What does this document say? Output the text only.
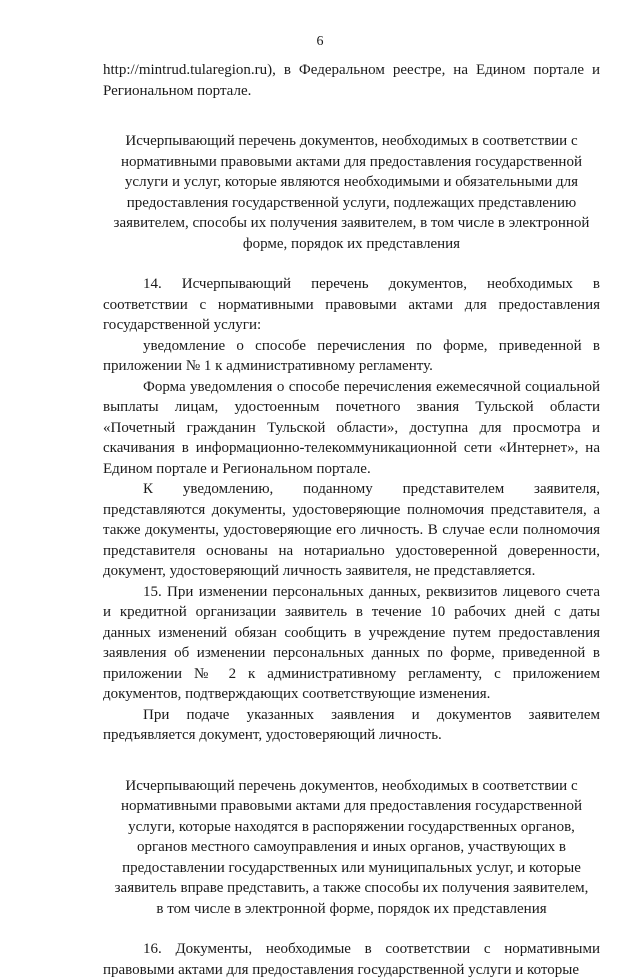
6

http://mintrud.tularegion.ru), в Федеральном реестре, на Едином портале и Региональном портале.

Исчерпывающий перечень документов, необходимых в соответствии с нормативными правовыми актами для предоставления государственной услуги и услуг, которые являются необходимыми и обязательными для предоставления государственной услуги, подлежащих представлению заявителем, способы их получения заявителем, в том числе в электронной форме, порядок их представления

14. Исчерпывающий перечень документов, необходимых в соответствии с нормативными правовыми актами для предоставления государственной услуги:

уведомление о способе перечисления по форме, приведенной в приложении № 1 к административному регламенту.

Форма уведомления о способе перечисления ежемесячной социальной выплаты лицам, удостоенным почетного звания Тульской области «Почетный гражданин Тульской области», доступна для просмотра и скачивания в информационно-телекоммуникационной сети «Интернет», на Едином портале и Региональном портале.

К уведомлению, поданному представителем заявителя, представляются документы, удостоверяющие полномочия представителя, а также документы, удостоверяющие его личность. В случае если полномочия представителя основаны на нотариально удостоверенной доверенности, документ, удостоверяющий личность заявителя, не представляется.

15. При изменении персональных данных, реквизитов лицевого счета и кредитной организации заявитель в течение 10 рабочих дней с даты данных изменений обязан сообщить в учреждение путем предоставления заявления об изменении персональных данных по форме, приведенной в приложении № 2 к административному регламенту, с приложением документов, подтверждающих соответствующие изменения.

При подаче указанных заявления и документов заявителем предъявляется документ, удостоверяющий личность.

Исчерпывающий перечень документов, необходимых в соответствии с нормативными правовыми актами для предоставления государственной услуги, которые находятся в распоряжении государственных органов, органов местного самоуправления и иных органов, участвующих в предоставлении государственных или муниципальных услуг, и которые заявитель вправе представить, а также способы их получения заявителем, в том числе в электронной форме, порядок их представления

16. Документы, необходимые в соответствии с нормативными правовыми актами для предоставления государственной услуги и которые
